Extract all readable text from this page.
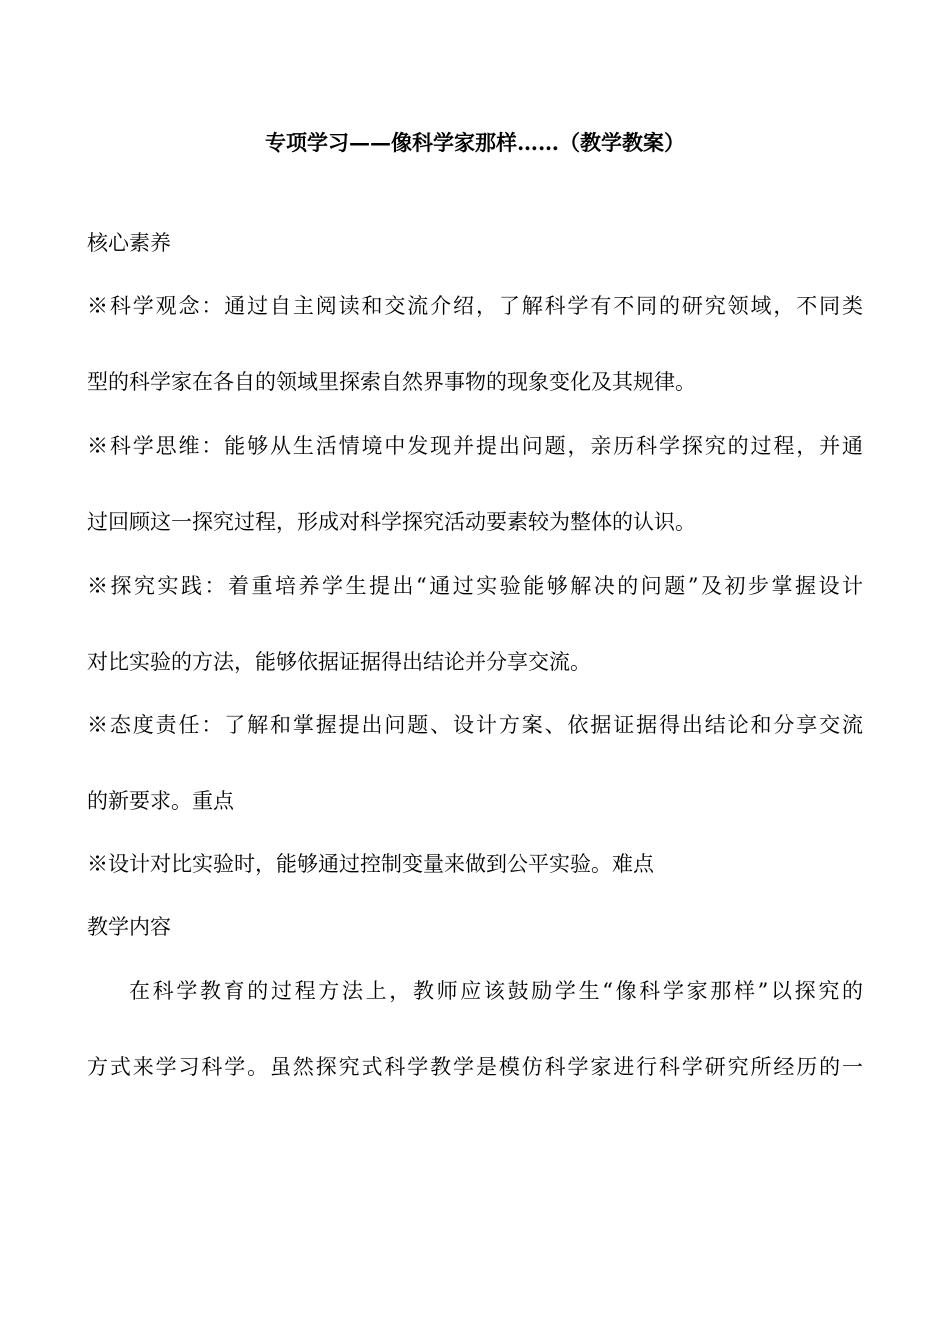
专项学习——像科学家那样……（教学教案）
核心素养
※科学观念：通过自主阅读和交流介绍，了解科学有不同的研究领域，不同类
型的科学家在各自的领域里探索自然界事物的现象变化及其规律。
※科学思维：能够从生活情境中发现并提出问题，亲历科学探究的过程，并通
过回顾这一探究过程，形成对科学探究活动要素较为整体的认识。
※探究实践：着重培养学生提出“通过实验能够解决的问题”及初步掌握设计
对比实验的方法，能够依据证据得出结论并分享交流。
※态度责任：了解和掌握提出问题、设计方案、依据证据得出结论和分享交流
的新要求。重点
※设计对比实验时，能够通过控制变量来做到公平实验。难点
教学内容
在科学教育的过程方法上，教师应该鼓励学生“像科学家那样”以探究的
方式来学习科学。虽然探究式科学教学是模仿科学家进行科学研究所经历的一
